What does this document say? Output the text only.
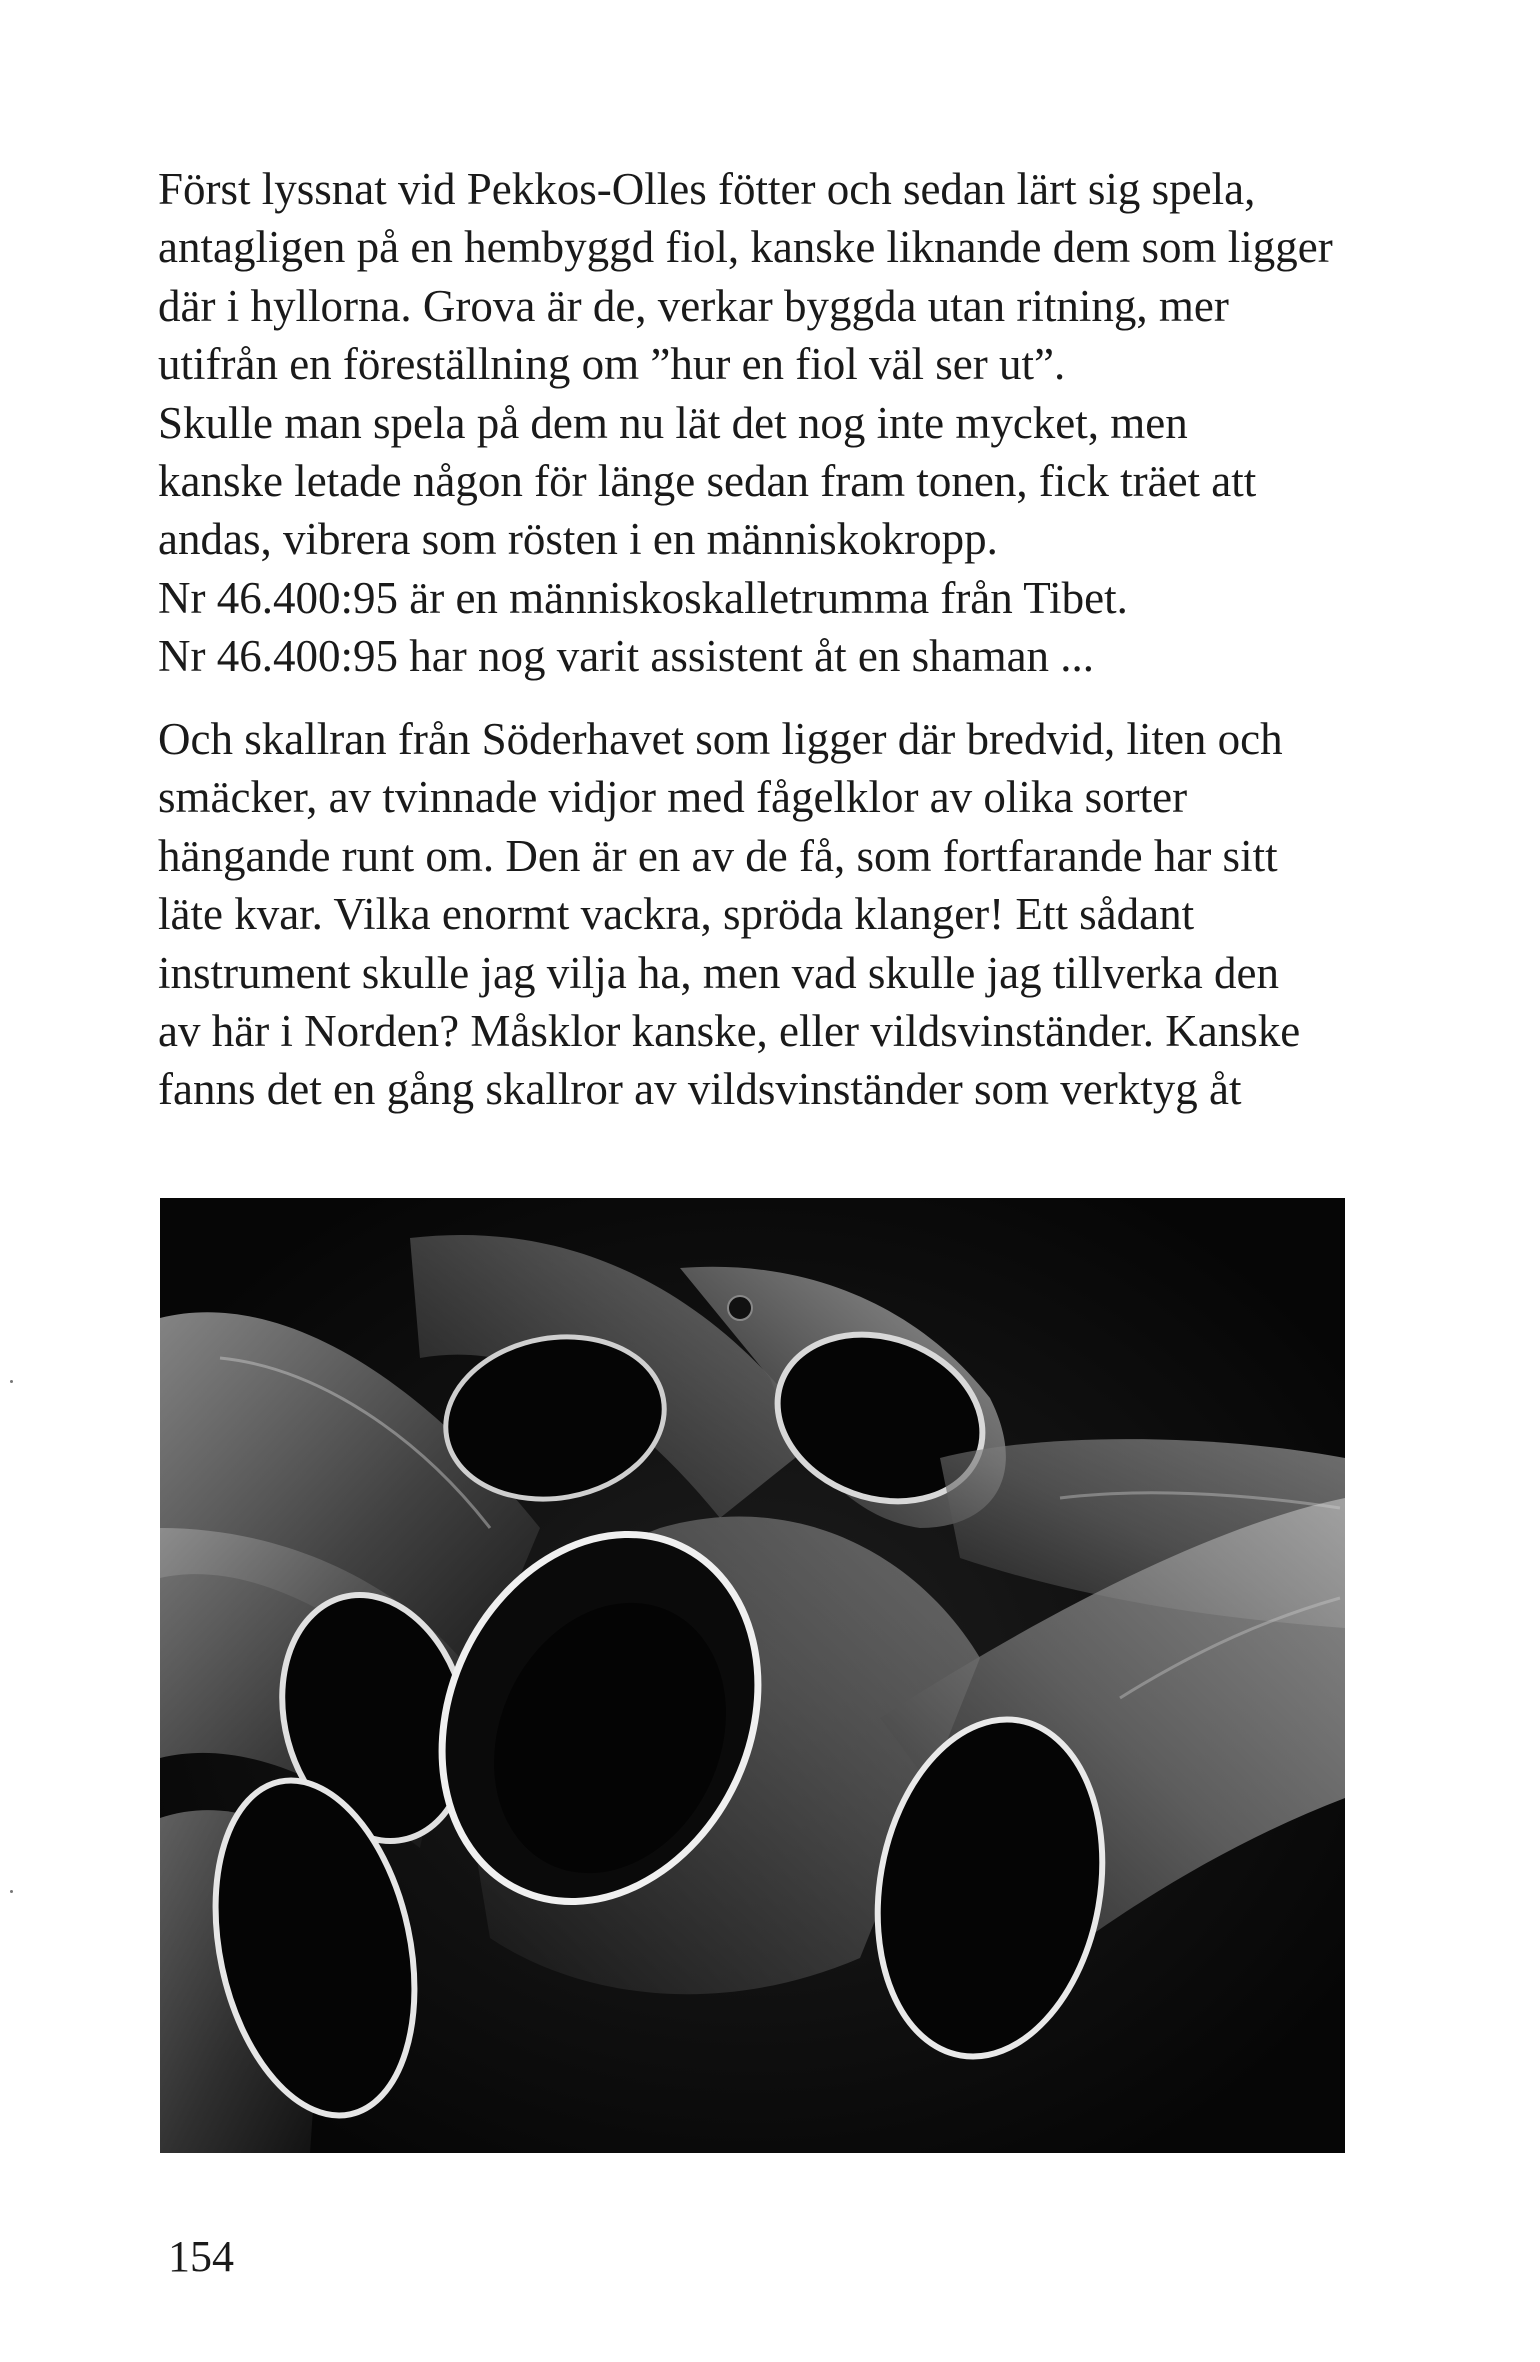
Först lyssnat vid Pekkos-Olles fötter och sedan lärt sig spela,
antagligen på en hembyggd fiol, kanske liknande dem som ligger
där i hyllorna. Grova är de, verkar byggda utan ritning, mer
utifrån en föreställning om ”hur en fiol väl ser ut”.
Skulle man spela på dem nu lät det nog inte mycket, men
kanske letade någon för länge sedan fram tonen, fick träet att
andas, vibrera som rösten i en människokropp.
Nr 46.400:95 är en människoskalletrumma från Tibet.
Nr 46.400:95 har nog varit assistent åt en shaman ...
Och skallran från Söderhavet som ligger där bredvid, liten och
smäcker, av tvinnade vidjor med fågelklor av olika sorter
hängande runt om. Den är en av de få, som fortfarande har sitt
läte kvar. Vilka enormt vackra, spröda klanger! Ett sådant
instrument skulle jag vilja ha, men vad skulle jag tillverka den
av här i Norden? Måsklor kanske, eller vildsvinständer. Kanske
fanns det en gång skallror av vildsvinständer som verktyg åt
154
